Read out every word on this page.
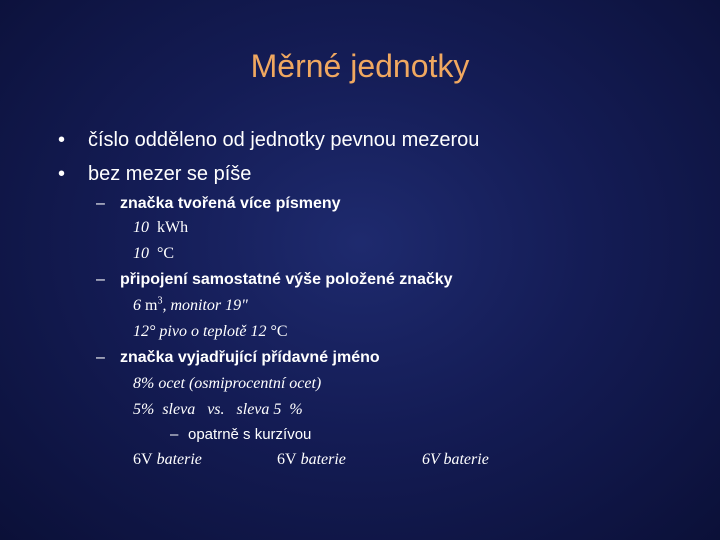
Měrné jednotky
• číslo odděleno od jednotky pevnou mezerou
• bez mezer se píše
– značka tvořená více písmeny
10 kWh
10 °C
– připojení samostatné výše položené značky
6 $m^3$, monitor 19"
12° pivo o teplotě 12 °C
– značka vyjadřující přídavné jméno
8% ocet (osmiprocentní ocet)
5%  sleva   vs.   sleva 5  %
– opatrně s kurzívou
6V baterie	6V baterie	6V baterie
